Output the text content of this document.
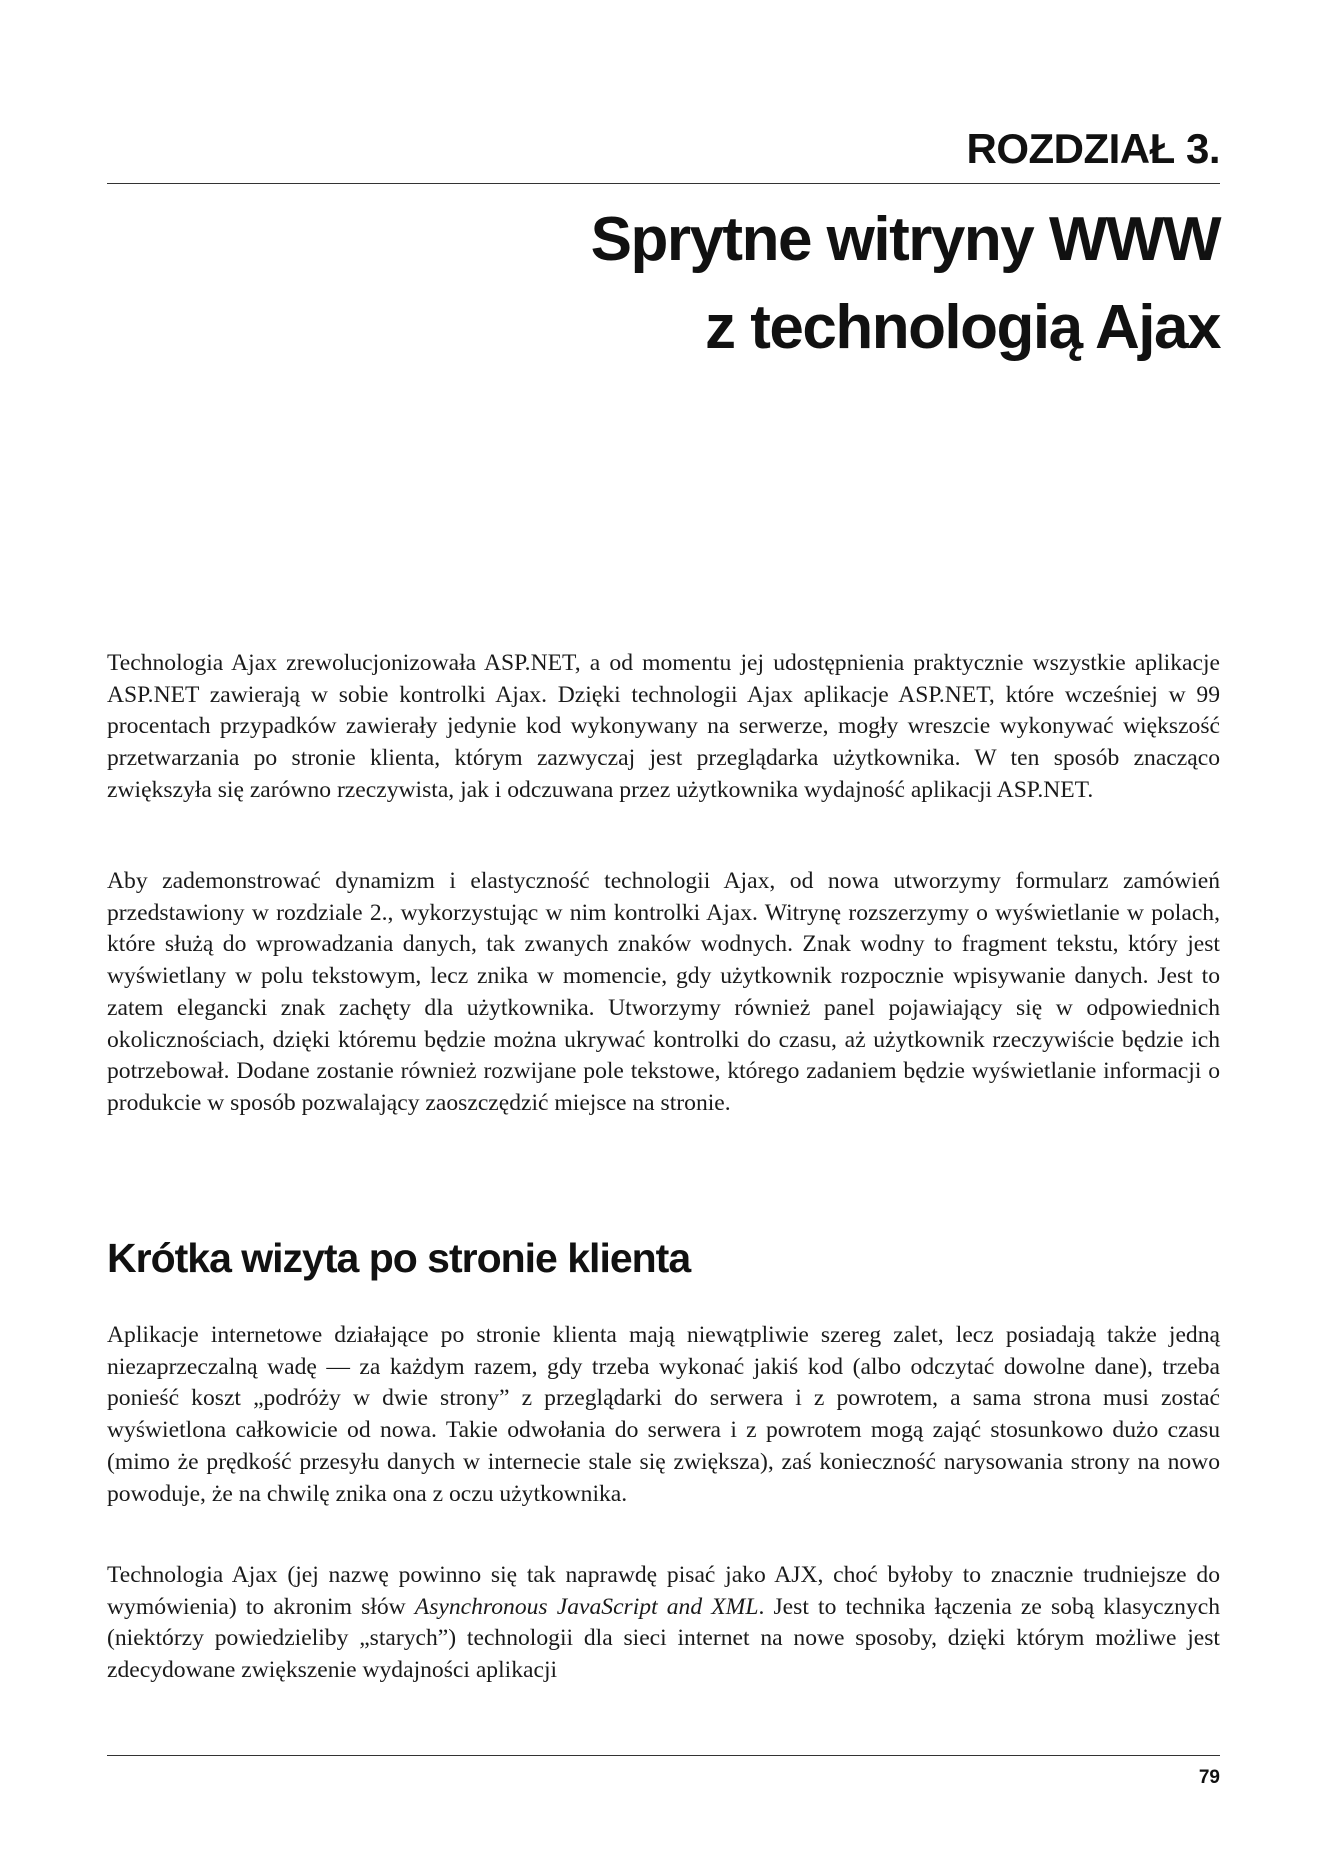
ROZDZIAŁ 3.
Sprytne witryny WWW
z technologią Ajax

Technologia Ajax zrewolucjonizowała ASP.NET, a od momentu jej udostępnienia praktycznie wszystkie aplikacje ASP.NET zawierają w sobie kontrolki Ajax. Dzięki technologii Ajax aplikacje ASP.NET, które wcześniej w 99 procentach przypadków zawierały jedynie kod wykonywany na serwerze, mogły wreszcie wykonywać większość przetwarzania po stronie klienta, którym zazwyczaj jest przeglądarka użytkownika. W ten sposób znacząco zwiększyła się zarówno rzeczywista, jak i odczuwana przez użytkownika wydajność aplikacji ASP.NET.

Aby zademonstrować dynamizm i elastyczność technologii Ajax, od nowa utworzymy formularz zamówień przedstawiony w rozdziale 2., wykorzystując w nim kontrolki Ajax. Witrynę rozszerzymy o wyświetlanie w polach, które służą do wprowadzania danych, tak zwanych znaków wodnych. Znak wodny to fragment tekstu, który jest wyświetlany w polu tekstowym, lecz znika w momencie, gdy użytkownik rozpocznie wpisywanie danych. Jest to zatem elegancki znak zachęty dla użytkownika. Utworzymy również panel pojawiający się w odpowiednich okolicznościach, dzięki któremu będzie można ukrywać kontrolki do czasu, aż użytkownik rzeczywiście będzie ich potrzebował. Dodane zostanie również rozwijane pole tekstowe, którego zadaniem będzie wyświetlanie informacji o produkcie w sposób pozwalający zaoszczędzić miejsce na stronie.

Krótka wizyta po stronie klienta

Aplikacje internetowe działające po stronie klienta mają niewątpliwie szereg zalet, lecz posiadają także jedną niezaprzeczalną wadę — za każdym razem, gdy trzeba wykonać jakiś kod (albo odczytać dowolne dane), trzeba ponieść koszt „podróży w dwie strony” z przeglądarki do serwera i z powrotem, a sama strona musi zostać wyświetlona całkowicie od nowa. Takie odwołania do serwera i z powrotem mogą zająć stosunkowo dużo czasu (mimo że prędkość przesyłu danych w internecie stale się zwiększa), zaś konieczność narysowania strony na nowo powoduje, że na chwilę znika ona z oczu użytkownika.

Technologia Ajax (jej nazwę powinno się tak naprawdę pisać jako AJX, choć byłoby to znacznie trudniejsze do wymówienia) to akronim słów Asynchronous JavaScript and XML. Jest to technika łączenia ze sobą klasycznych (niektórzy powiedzieliby „starych”) technologii dla sieci internet na nowe sposoby, dzięki którym możliwe jest zdecydowane zwiększenie wydajności aplikacji

79
